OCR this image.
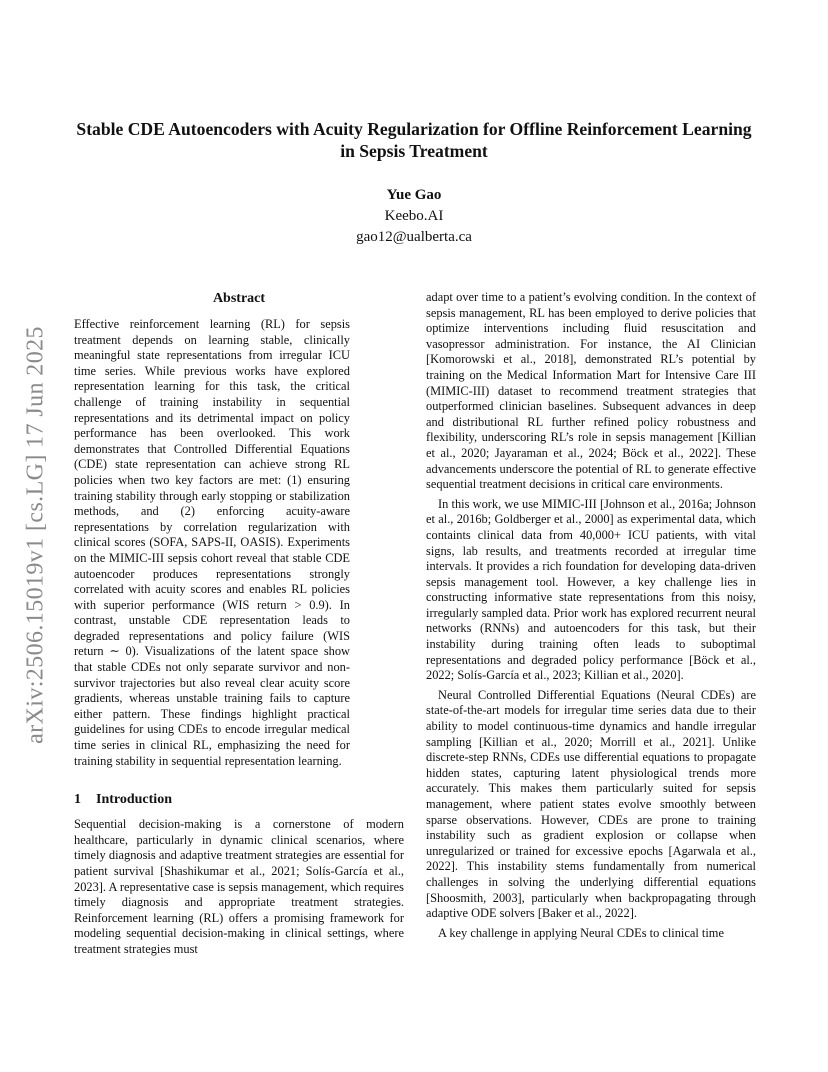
arXiv:2506.15019v1 [cs.LG] 17 Jun 2025
Stable CDE Autoencoders with Acuity Regularization for Offline Reinforcement Learning in Sepsis Treatment
Yue Gao
Keebo.AI
gao12@ualberta.ca
Abstract

Effective reinforcement learning (RL) for sepsis treatment depends on learning stable, clinically meaningful state representations from irregular ICU time series. While previous works have explored representation learning for this task, the critical challenge of training instability in sequential representations and its detrimental impact on policy performance has been overlooked. This work demonstrates that Controlled Differential Equations (CDE) state representation can achieve strong RL policies when two key factors are met: (1) ensuring training stability through early stopping or stabilization methods, and (2) enforcing acuity-aware representations by correlation regularization with clinical scores (SOFA, SAPS-II, OASIS). Experiments on the MIMIC-III sepsis cohort reveal that stable CDE autoencoder produces representations strongly correlated with acuity scores and enables RL policies with superior performance (WIS return > 0.9). In contrast, unstable CDE representation leads to degraded representations and policy failure (WIS return ∼ 0). Visualizations of the latent space show that stable CDEs not only separate survivor and non-survivor trajectories but also reveal clear acuity score gradients, whereas unstable training fails to capture either pattern. These findings highlight practical guidelines for using CDEs to encode irregular medical time series in clinical RL, emphasizing the need for training stability in sequential representation learning.

1 Introduction

Sequential decision-making is a cornerstone of modern healthcare, particularly in dynamic clinical scenarios, where timely diagnosis and adaptive treatment strategies are essential for patient survival [Shashikumar et al., 2021; Solís-García et al., 2023]. A representative case is sepsis management, which requires timely diagnosis and appropriate treatment strategies. Reinforcement learning (RL) offers a promising framework for modeling sequential decision-making in clinical settings, where treatment strategies must

adapt over time to a patient’s evolving condition. In the context of sepsis management, RL has been employed to derive policies that optimize interventions including fluid resuscitation and vasopressor administration. For instance, the AI Clinician [Komorowski et al., 2018], demonstrated RL’s potential by training on the Medical Information Mart for Intensive Care III (MIMIC-III) dataset to recommend treatment strategies that outperformed clinician baselines. Subsequent advances in deep and distributional RL further refined policy robustness and flexibility, underscoring RL’s role in sepsis management [Killian et al., 2020; Jayaraman et al., 2024; Böck et al., 2022]. These advancements underscore the potential of RL to generate effective sequential treatment decisions in critical care environments.

In this work, we use MIMIC-III [Johnson et al., 2016a; Johnson et al., 2016b; Goldberger et al., 2000] as experimental data, which containts clinical data from 40,000+ ICU patients, with vital signs, lab results, and treatments recorded at irregular time intervals. It provides a rich foundation for developing data-driven sepsis management tool. However, a key challenge lies in constructing informative state representations from this noisy, irregularly sampled data. Prior work has explored recurrent neural networks (RNNs) and autoencoders for this task, but their instability during training often leads to suboptimal representations and degraded policy performance [Böck et al., 2022; Solís-García et al., 2023; Killian et al., 2020].

Neural Controlled Differential Equations (Neural CDEs) are state-of-the-art models for irregular time series data due to their ability to model continuous-time dynamics and handle irregular sampling [Killian et al., 2020; Morrill et al., 2021]. Unlike discrete-step RNNs, CDEs use differential equations to propagate hidden states, capturing latent physiological trends more accurately. This makes them particularly suited for sepsis management, where patient states evolve smoothly between sparse observations. However, CDEs are prone to training instability such as gradient explosion or collapse when unregularized or trained for excessive epochs [Agarwala et al., 2022]. This instability stems fundamentally from numerical challenges in solving the underlying differential equations [Shoosmith, 2003], particularly when backpropagating through adaptive ODE solvers [Baker et al., 2022].

A key challenge in applying Neural CDEs to clinical time
